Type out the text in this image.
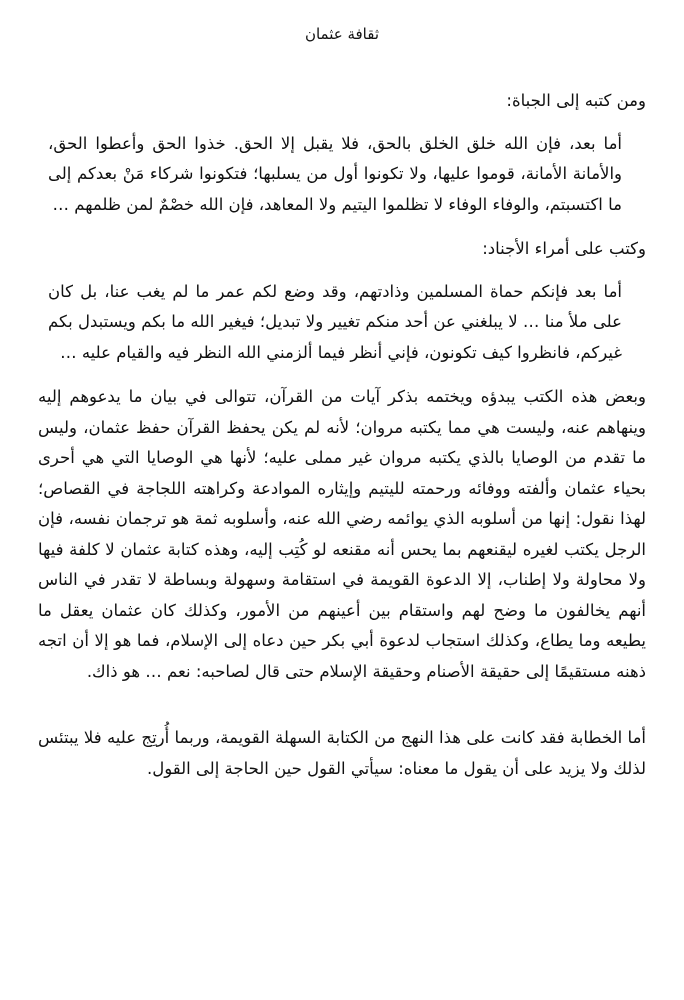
ثقافة عثمان

ومن كتبه إلى الجباة:

أما بعد، فإن الله خلق الخلق بالحق، فلا يقبل إلا الحق. خذوا الحق وأعطوا الحق، والأمانة الأمانة، قوموا عليها، ولا تكونوا أول من يسلبها؛ فتكونوا شركاء مَنْ بعدكم إلى ما اكتسبتم، والوفاء الوفاء لا تظلموا اليتيم ولا المعاهد، فإن الله خصْمٌ لمن ظلمهم …

وكتب على أمراء الأجناد:

أما بعد فإنكم حماة المسلمين وذادتهم، وقد وضع لكم عمر ما لم يغب عنا، بل كان على ملأ منا … لا يبلغني عن أحد منكم تغيير ولا تبديل؛ فيغير الله ما بكم ويستبدل بكم غيركم، فانظروا كيف تكونون، فإني أنظر فيما ألزمني الله النظر فيه والقيام عليه …

وبعض هذه الكتب يبدؤه ويختمه بذكر آيات من القرآن، تتوالى في بيان ما يدعوهم إليه وينهاهم عنه، وليست هي مما يكتبه مروان؛ لأنه لم يكن يحفظ القرآن حفظ عثمان، وليس ما تقدم من الوصايا بالذي يكتبه مروان غير مملى عليه؛ لأنها هي الوصايا التي هي أحرى بحياء عثمان وألفته ووفائه ورحمته لليتيم وإيثاره الموادعة وكراهته اللجاجة في القصاص؛ لهذا نقول: إنها من أسلوبه الذي يوائمه رضي الله عنه، وأسلوبه ثمة هو ترجمان نفسه، فإن الرجل يكتب لغيره ليقنعهم بما يحس أنه مقنعه لو كُتِب إليه، وهذه كتابة عثمان لا كلفة فيها ولا محاولة ولا إطناب، إلا الدعوة القويمة في استقامة وسهولة وبساطة لا تقدر في الناس أنهم يخالفون ما وضح لهم واستقام بين أعينهم من الأمور، وكذلك كان عثمان يعقل ما يطيعه وما يطاع، وكذلك استجاب لدعوة أبي بكر حين دعاه إلى الإسلام، فما هو إلا أن اتجه ذهنه مستقيمًا إلى حقيقة الأصنام وحقيقة الإسلام حتى قال لصاحبه: نعم … هو ذاك.

أما الخطابة فقد كانت على هذا النهج من الكتابة السهلة القويمة، وربما أُرتِج عليه فلا يبتئس لذلك ولا يزيد على أن يقول ما معناه: سيأتي القول حين الحاجة إلى القول.
